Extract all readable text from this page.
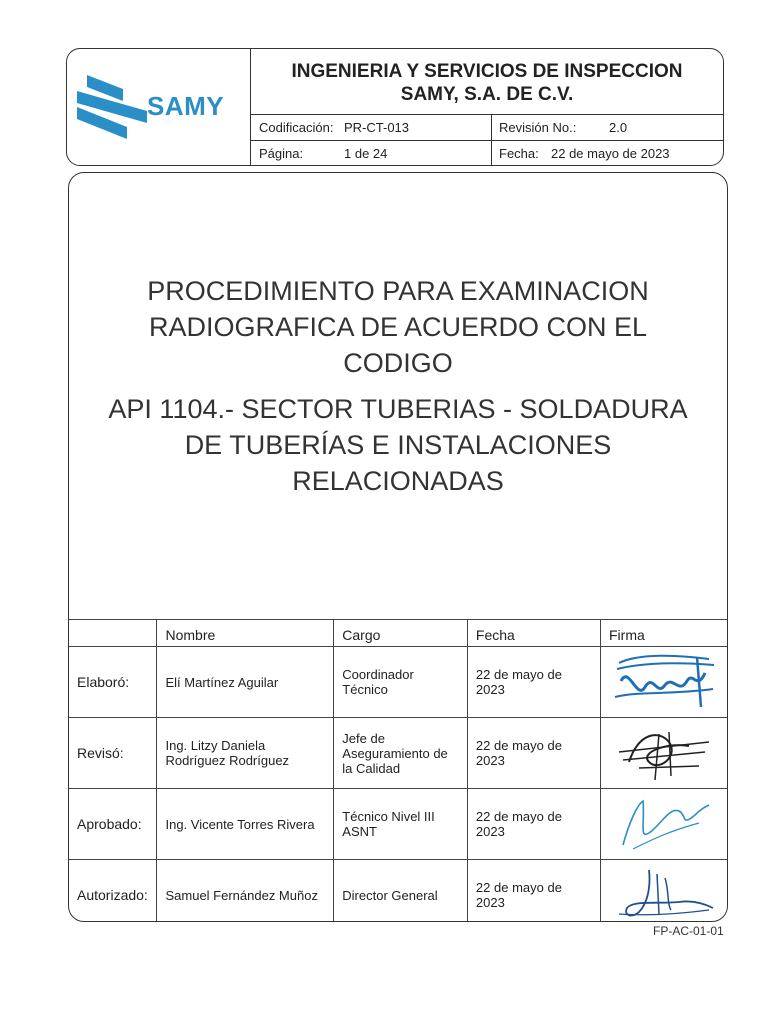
SAMY
INGENIERIA Y SERVICIOS DE INSPECCION
SAMY, S.A. DE C.V.
Codificación: PR-CT-013	Revisión No.:	2.0
Página:	1 de 24	Fecha: 22 de mayo de 2023
PROCEDIMIENTO PARA EXAMINACION
RADIOGRAFICA DE ACUERDO CON EL
CODIGO
API 1104.- SECTOR TUBERIAS - SOLDADURA
DE TUBERÍAS E INSTALACIONES
RELACIONADAS
	Nombre	Cargo	Fecha	Firma
Elaboró:	Elí Martínez Aguilar	Coordinador Técnico	22 de mayo de 2023	

Revisó:	Ing. Litzy Daniela Rodríguez Rodríguez	Jefe de Aseguramiento de la Calidad	22 de mayo de 2023	

Aprobado:	Ing. Vicente Torres Rivera	Técnico Nivel III ASNT	22 de mayo de 2023	

Autorizado:	Samuel Fernández Muñoz	Director General	22 de mayo de 2023	
FP-AC-01-01
